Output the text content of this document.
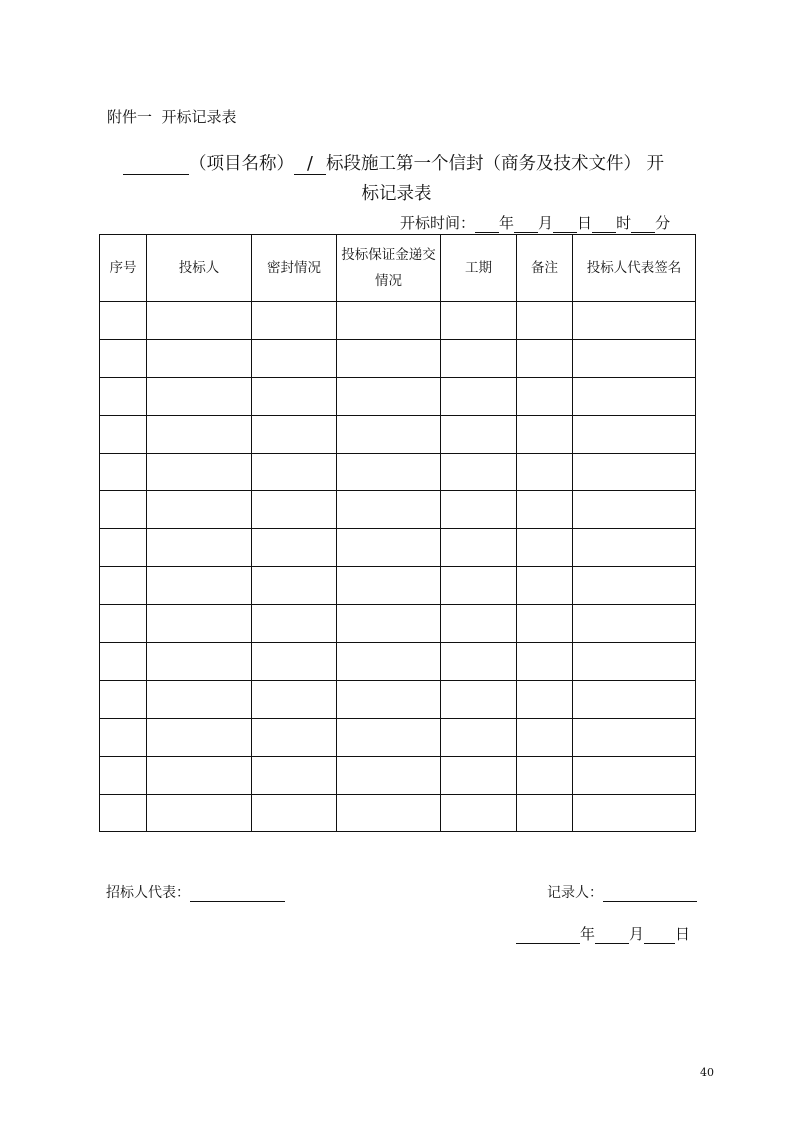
附件一  开标记录表
（项目名称） / 标段施工第一个信封（商务及技术文件） 开
标记录表
开标时间： 年 月 日 时 分
序号	投标人	密封情况	投标保证金递交情况	工期	备注	投标人代表签名

招标人代表：	记录人：
年 月 日
40
